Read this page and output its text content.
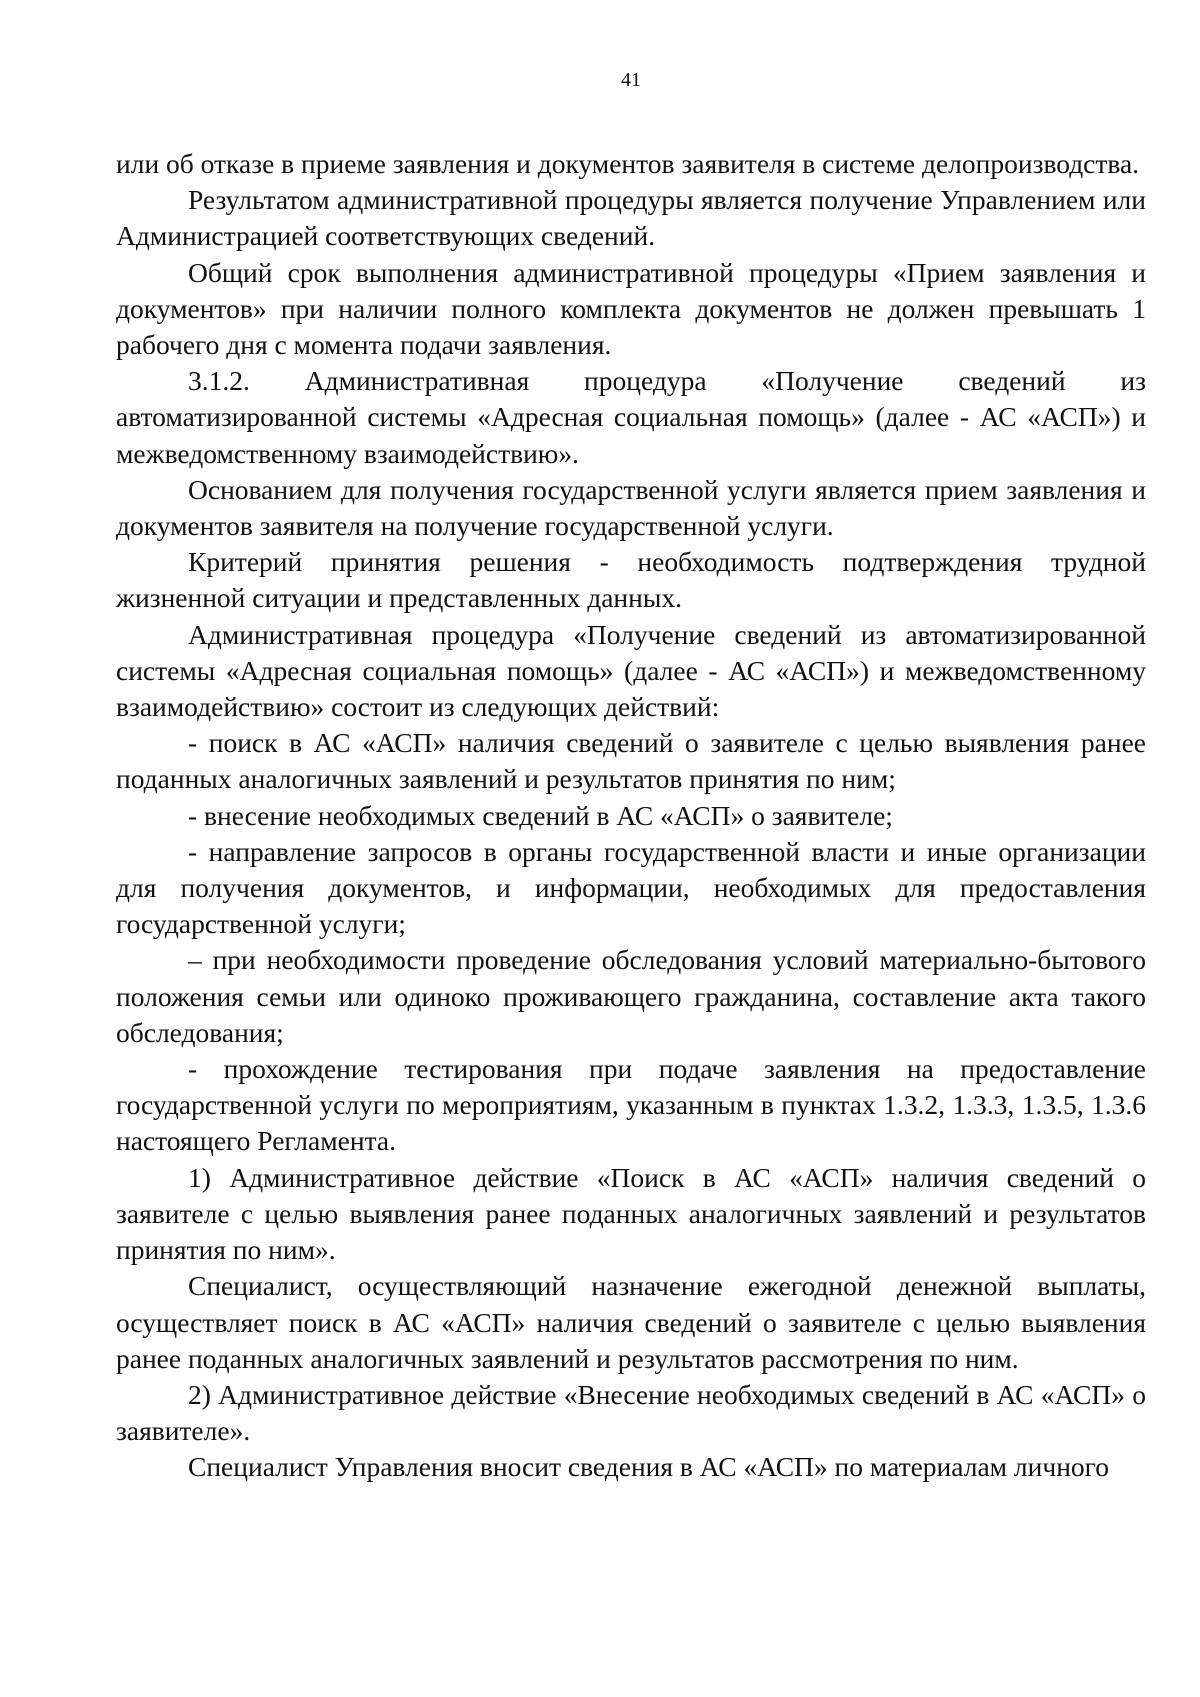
41

или об отказе в приеме заявления и документов заявителя в системе делопроизводства.

Результатом административной процедуры является получение Управлением или Администрацией соответствующих сведений.

Общий срок выполнения административной процедуры «Прием заявления и документов» при наличии полного комплекта документов не должен превышать 1 рабочего дня с момента подачи заявления.

3.1.2. Административная процедура «Получение сведений из автоматизированной системы «Адресная социальная помощь» (далее - АС «АСП») и межведомственному взаимодействию».

Основанием для получения государственной услуги является прием заявления и документов заявителя на получение государственной услуги.

Критерий принятия решения - необходимость подтверждения трудной жизненной ситуации и представленных данных.

Административная процедура «Получение сведений из автоматизированной системы «Адресная социальная помощь» (далее - АС «АСП») и межведомственному взаимодействию» состоит из следующих действий:

- поиск в АС «АСП» наличия сведений о заявителе с целью выявления ранее поданных аналогичных заявлений и результатов принятия по ним;

- внесение необходимых сведений в АС «АСП» о заявителе;

- направление запросов в органы государственной власти и иные организации для получения документов, и информации, необходимых для предоставления государственной услуги;

– при необходимости проведение обследования условий материально-бытового положения семьи или одиноко проживающего гражданина, составление акта такого обследования;

- прохождение тестирования при подаче заявления на предоставление государственной услуги по мероприятиям, указанным в пунктах 1.3.2, 1.3.3, 1.3.5, 1.3.6 настоящего Регламента.

1) Административное действие «Поиск в АС «АСП» наличия сведений о заявителе с целью выявления ранее поданных аналогичных заявлений и результатов принятия по ним».

Специалист, осуществляющий назначение ежегодной денежной выплаты, осуществляет поиск в АС «АСП» наличия сведений о заявителе с целью выявления ранее поданных аналогичных заявлений и результатов рассмотрения по ним.

2) Административное действие «Внесение необходимых сведений в АС «АСП» о заявителе».

Специалист Управления вносит сведения в АС «АСП» по материалам личного
